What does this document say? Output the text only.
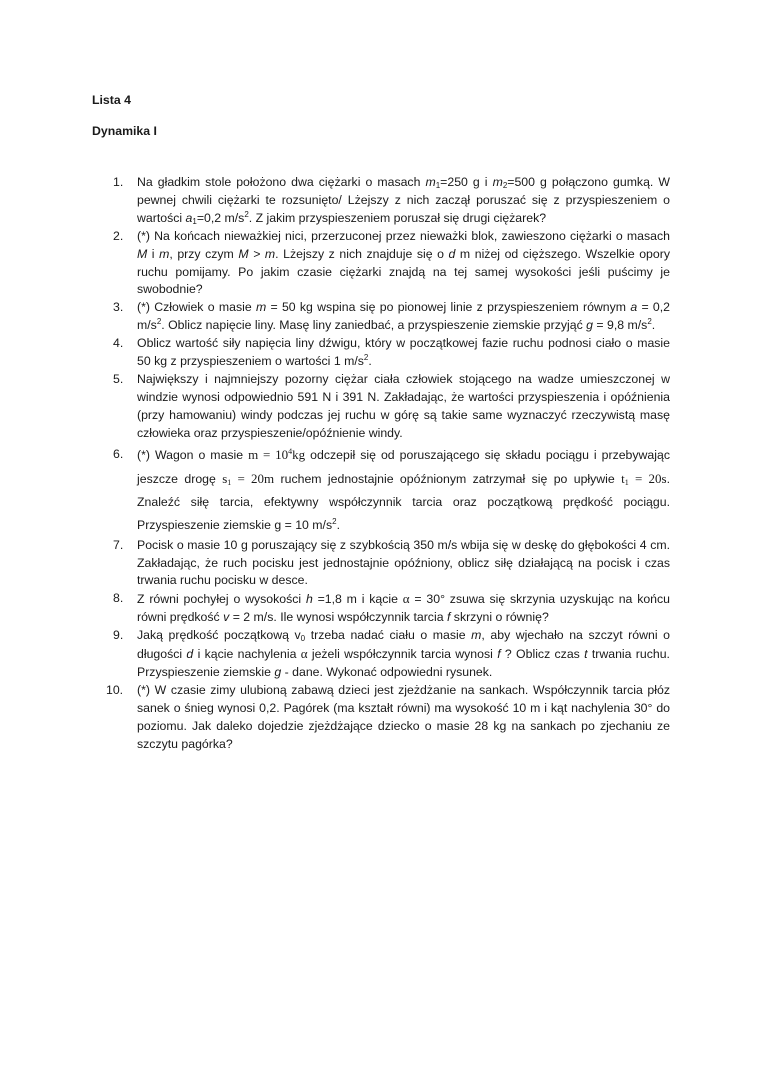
Lista 4

Dynamika I

1.	Na gładkim stole położono dwa ciężarki o masach $m_1=250$ g i $m_2=500$ g połączono gumką. W pewnej chwili ciężarki te rozsunięto/ Lżejszy z nich zaczął poruszać się z przyspieszeniem o wartości $a_1=0,2$ $m/s^2$. Z jakim przyspieszeniem poruszał się drugi ciężarek?
2.	(*) Na końcach nieważkiej nici, przerzuconej przez nieważki blok, zawieszono ciężarki o masach M i m, przy czym M > m. Lżejszy z nich znajduje się o d m niżej od cięższego. Wszelkie opory ruchu pomijamy. Po jakim czasie ciężarki znajdą na tej samej wysokości jeśli puścimy je swobodnie?
3.	(*) Człowiek o masie m = 50 kg wspina się po pionowej linie z przyspieszeniem równym a = 0,2 $m/s^2$. Oblicz napięcie liny. Masę liny zaniedbać, a przyspieszenie ziemskie przyjąć g = 9,8 $m/s^2$.
4.	Oblicz wartość siły napięcia liny dźwigu, który w początkowej fazie ruchu podnosi ciało o masie 50 kg z przyspieszeniem o wartości 1 $m/s^2$.
5.	Największy i najmniejszy pozorny ciężar ciała człowiek stojącego na wadze umieszczonej w windzie wynosi odpowiednio 591 N i 391 N. Zakładając, że wartości przyspieszenia i opóźnienia (przy hamowaniu) windy podczas jej ruchu w górę są takie same wyznaczyć rzeczywistą masę człowieka oraz przyspieszenie/opóźnienie windy.
6.	(*) Wagon o masie $m = 10^4kg$ odczepił się od poruszającego się składu pociągu i przebywając jeszcze drogę $s_1 = 20m$ ruchem jednostajnie opóźnionym zatrzymał się po upływie $t_1 = 20s$. Znaleźć siłę tarcia, efektywny współczynnik tarcia oraz początkową prędkość pociągu. Przyspieszenie ziemskie g = 10 $m/s^2$.
7.	Pocisk o masie 10 g poruszający się z szybkością 350 m/s wbija się w deskę do głębokości 4 cm. Zakładając, że ruch pocisku jest jednostajnie opóźniony, oblicz siłę działającą na pocisk i czas trwania ruchu pocisku w desce.
8.	Z równi pochyłej o wysokości h =1,8 m i kącie α = 30° zsuwa się skrzynia uzyskując na końcu równi prędkość v = 2 m/s. Ile wynosi współczynnik tarcia f skrzyni o równię?
9.	Jaką prędkość początkową $v_0$ trzeba nadać ciału o masie m, aby wjechało na szczyt równi o długości d i kącie nachylenia α jeżeli współczynnik tarcia wynosi f ? Oblicz czas t trwania ruchu. Przyspieszenie ziemskie g - dane. Wykonać odpowiedni rysunek.
10. (*) W czasie zimy ulubioną zabawą dzieci jest zjeżdżanie na sankach. Współczynnik tarcia płóz sanek o śnieg wynosi 0,2. Pagórek (ma kształt równi) ma wysokość 10 m i kąt nachylenia 30° do poziomu. Jak daleko dojedzie zjeżdżające dziecko o masie 28 kg na sankach po zjechaniu ze szczytu pagórka?
